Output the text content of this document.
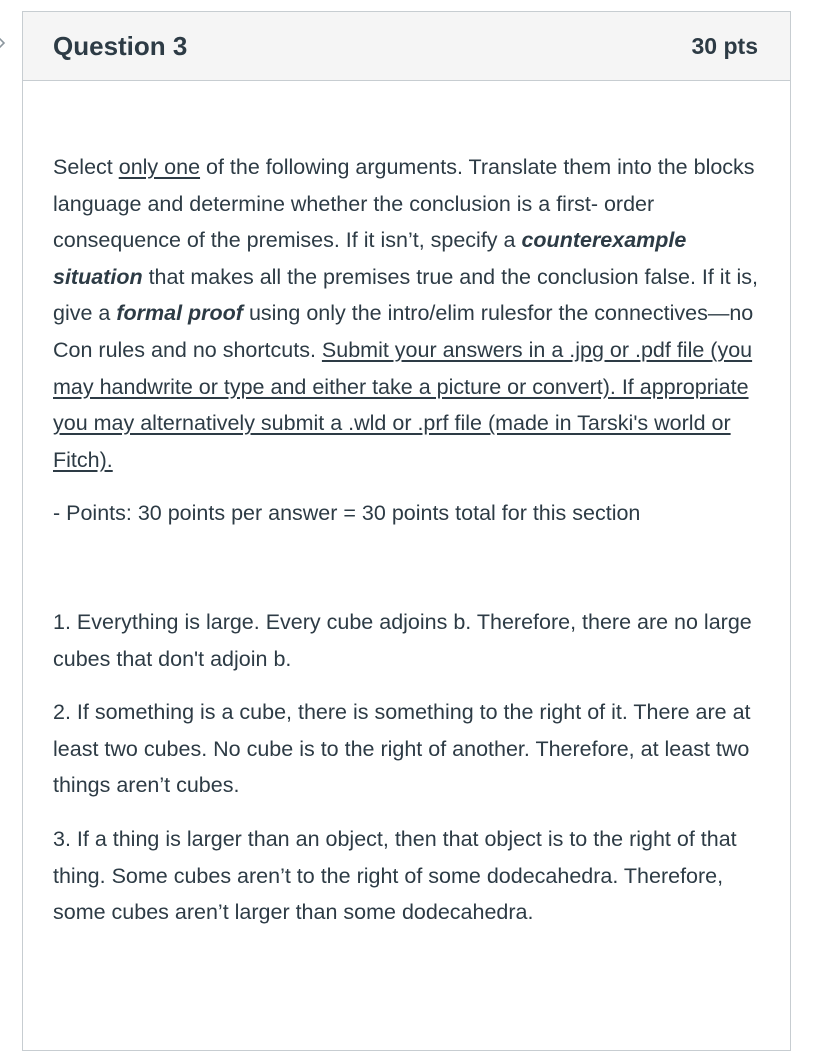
Question 3	30 pts

Select only one of the following arguments. Translate them into the blocks language and determine whether the conclusion is a first- order consequence of the premises. If it isn’t, specify a counterexample situation that makes all the premises true and the conclusion false. If it is, give a formal proof using only the intro/elim rulesfor the connectives—no Con rules and no shortcuts. Submit your answers in a .jpg or .pdf file (you may handwrite or type and either take a picture or convert). If appropriate you may alternatively submit a .wld or .prf file (made in Tarski's world or Fitch).

- Points: 30 points per answer = 30 points total for this section

1. Everything is large. Every cube adjoins b. Therefore, there are no large cubes that don't adjoin b.

2. If something is a cube, there is something to the right of it. There are at least two cubes. No cube is to the right of another. Therefore, at least two things aren’t cubes.

3. If a thing is larger than an object, then that object is to the right of that thing. Some cubes aren’t to the right of some dodecahedra. Therefore, some cubes aren’t larger than some dodecahedra.
